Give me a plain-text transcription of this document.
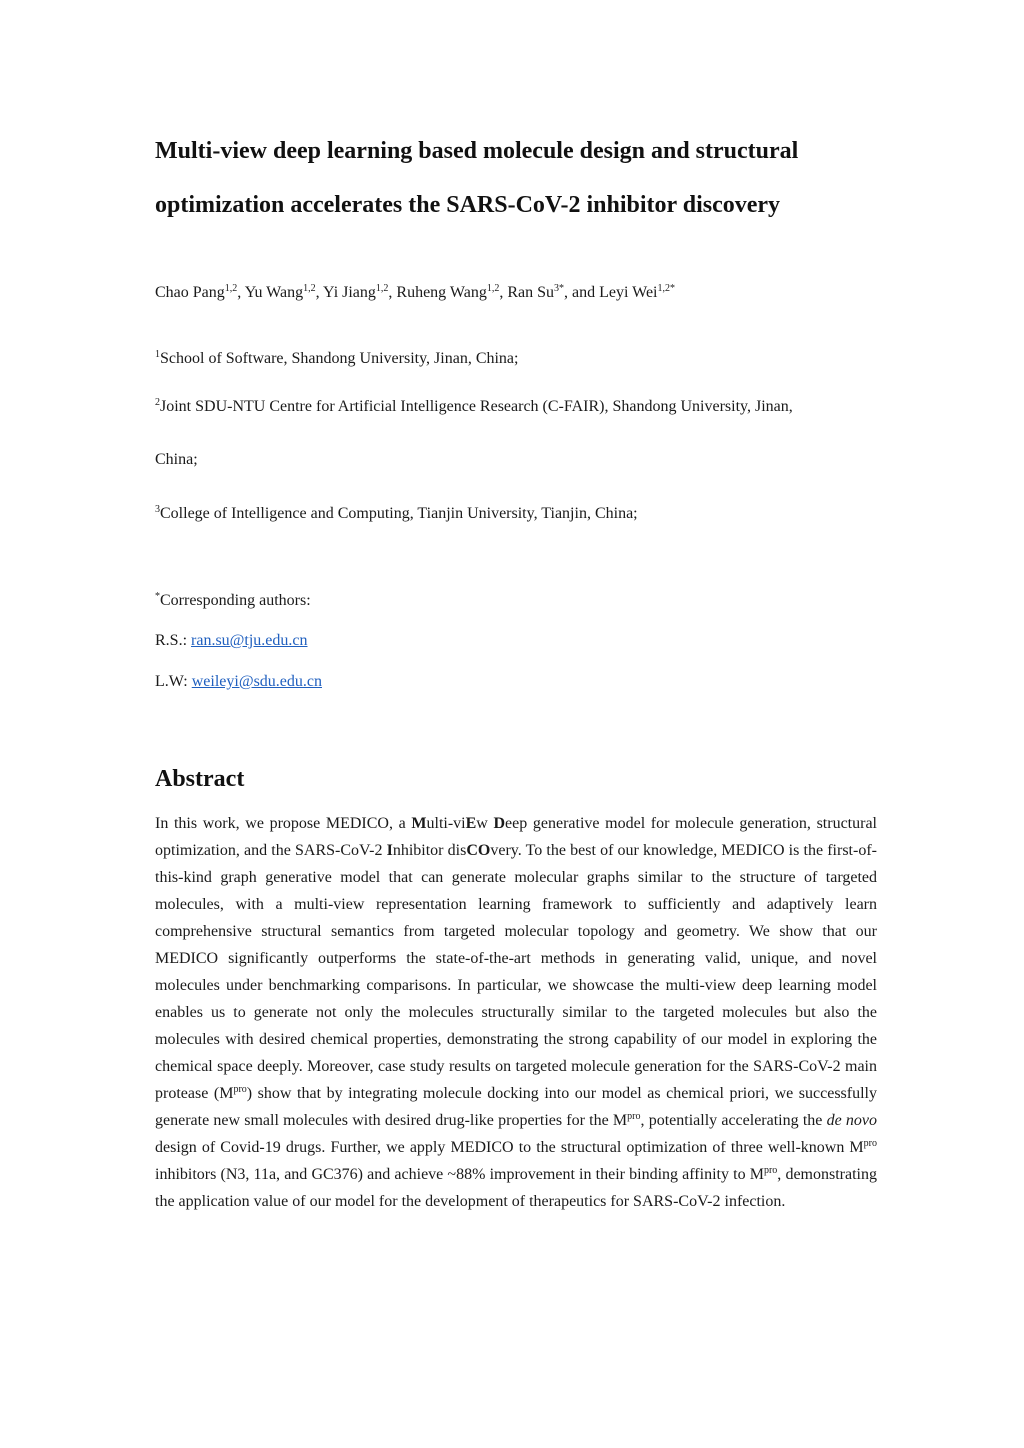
Multi-view deep learning based molecule design and structural
optimization accelerates the SARS-CoV-2 inhibitor discovery
Chao Pang$^{1,2}$, Yu Wang$^{1,2}$, Yi Jiang$^{1,2}$, Ruheng Wang$^{1,2}$, Ran $Su^{3*}$, and Leyi Wei$^{1,2*}$
$^1$School of Software, Shandong University, Jinan, China;
$^2$Joint SDU-NTU Centre for Artificial Intelligence Research (C-FAIR), Shandong University, Jinan,
China;
$^3$College of Intelligence and Computing, Tianjin University, Tianjin, China;
*Corresponding authors:
R.S.: ran.su@tju.edu.cn
L.W: weileyi@sdu.edu.cn
Abstract

In this work, we propose MEDICO, a Multi-viEw Deep generative model for molecule generation, structural optimization, and the SARS-CoV-2 Inhibitor disCOvery. To the best of our knowledge, MEDICO is the first-of-this-kind graph generative model that can generate molecular graphs similar to the structure of targeted molecules, with a multi-view representation learning framework to sufficiently and adaptively learn comprehensive structural semantics from targeted molecular topology and geometry. We show that our MEDICO significantly outperforms the state-of-the-art methods in generating valid, unique, and novel molecules under benchmarking comparisons. In particular, we showcase the multi-view deep learning model enables us to generate not only the molecules structurally similar to the targeted molecules but also the molecules with desired chemical properties, demonstrating the strong capability of our model in exploring the chemical space deeply. Moreover, case study results on targeted molecule generation for the SARS-CoV-2 main protease $(M^{pro})$ show that by integrating molecule docking into our model as chemical priori, we successfully generate new small molecules with desired drug-like properties for the $M^{pro}$, potentially accelerating the de novo design of Covid-19 drugs. Further, we apply MEDICO to the structural optimization of three well-known $M^{pro}$ inhibitors (N3, 11a, and GC376) and achieve ~88% improvement in their binding affinity to $M^{pro}$, demonstrating the application value of our model for the development of therapeutics for SARS-CoV-2 infection.
